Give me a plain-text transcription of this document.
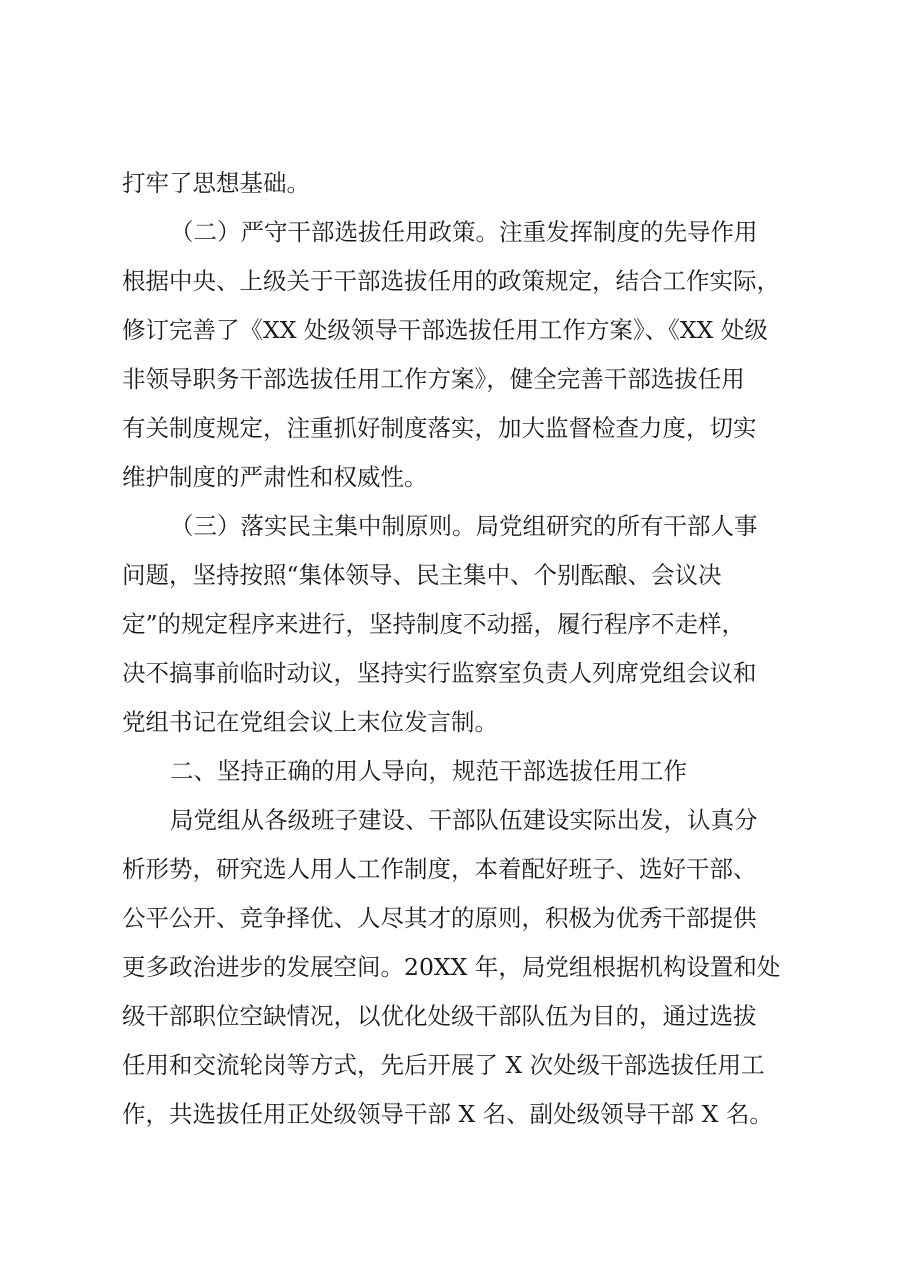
打牢了思想基础。
（二）严守干部选拔任用政策。注重发挥制度的先导作用
根据中央、上级关于干部选拔任用的政策规定，结合工作实际，
修订完善了《XX 处级领导干部选拔任用工作方案》、《XX 处级
非领导职务干部选拔任用工作方案》，健全完善干部选拔任用
有关制度规定，注重抓好制度落实，加大监督检查力度，切实
维护制度的严肃性和权威性。
（三）落实民主集中制原则。局党组研究的所有干部人事
问题，坚持按照“集体领导、民主集中、个别酝酿、会议决
定”的规定程序来进行，坚持制度不动摇，履行程序不走样，
决不搞事前临时动议，坚持实行监察室负责人列席党组会议和
党组书记在党组会议上末位发言制。
二、坚持正确的用人导向，规范干部选拔任用工作
局党组从各级班子建设、干部队伍建设实际出发，认真分
析形势，研究选人用人工作制度，本着配好班子、选好干部、
公平公开、竞争择优、人尽其才的原则，积极为优秀干部提供
更多政治进步的发展空间。20XX 年，局党组根据机构设置和处
级干部职位空缺情况，以优化处级干部队伍为目的，通过选拔
任用和交流轮岗等方式，先后开展了 X 次处级干部选拔任用工
作，共选拔任用正处级领导干部 X 名、副处级领导干部 X 名。
